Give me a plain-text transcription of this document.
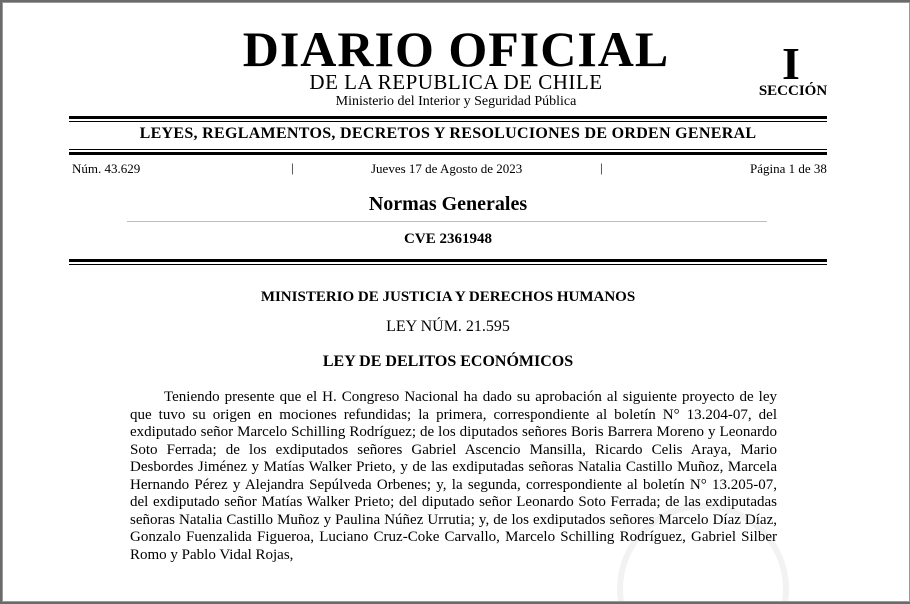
DIARIO OFICIAL
DE LA REPUBLICA DE CHILE
Ministerio del Interior y Seguridad Pública
I
SECCIÓN
LEYES, REGLAMENTOS, DECRETOS Y RESOLUCIONES DE ORDEN GENERAL
Núm. 43.629	|	Jueves 17 de Agosto de 2023	|	Página 1 de 38
Normas Generales
CVE 2361948
MINISTERIO DE JUSTICIA Y DERECHOS HUMANOS
LEY NÚM. 21.595
LEY DE DELITOS ECONÓMICOS
Teniendo presente que el H. Congreso Nacional ha dado su aprobación al siguiente proyecto de ley que tuvo su origen en mociones refundidas; la primera, correspondiente al boletín N° 13.204-07, del exdiputado señor Marcelo Schilling Rodríguez; de los diputados señores Boris Barrera Moreno y Leonardo Soto Ferrada; de los exdiputados señores Gabriel Ascencio Mansilla, Ricardo Celis Araya, Mario Desbordes Jiménez y Matías Walker Prieto, y de las exdiputadas señoras Natalia Castillo Muñoz, Marcela Hernando Pérez y Alejandra Sepúlveda Orbenes; y, la segunda, correspondiente al boletín N° 13.205-07, del exdiputado señor Matías Walker Prieto; del diputado señor Leonardo Soto Ferrada; de las exdiputadas señoras Natalia Castillo Muñoz y Paulina Núñez Urrutia; y, de los exdiputados señores Marcelo Díaz Díaz, Gonzalo Fuenzalida Figueroa, Luciano Cruz-Coke Carvallo, Marcelo Schilling Rodríguez, Gabriel Silber Romo y Pablo Vidal Rojas,
